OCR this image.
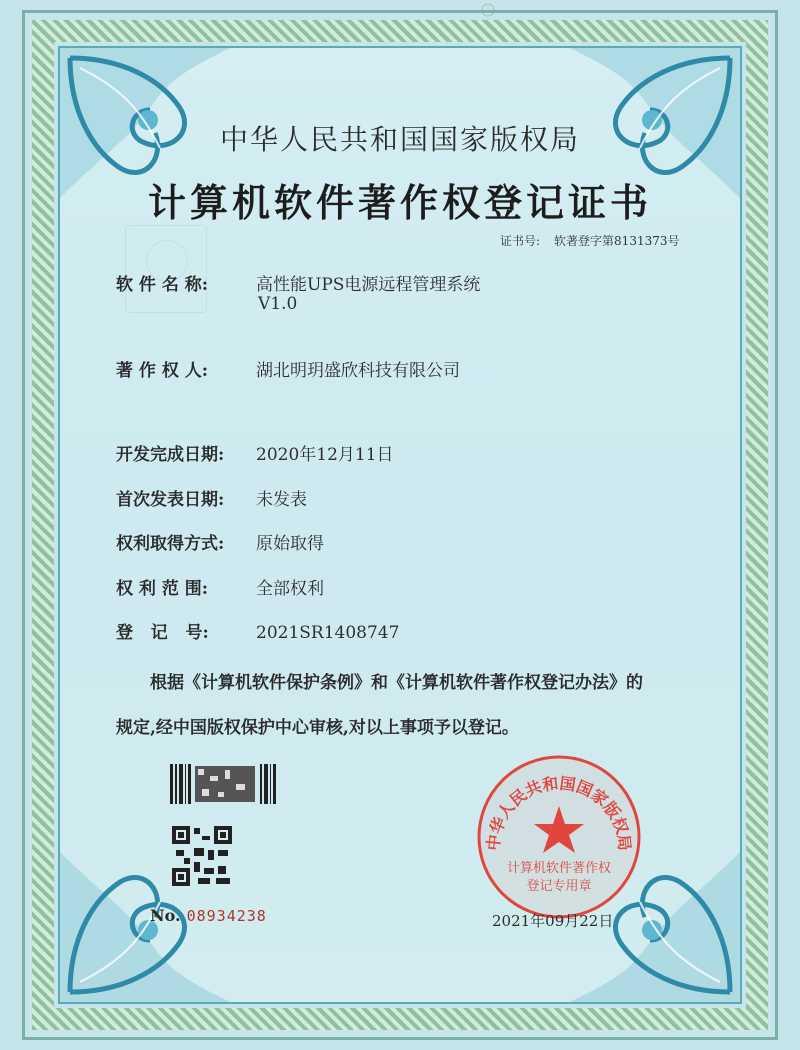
中华人民共和国国家版权局
计算机软件著作权登记证书
证书号: 软著登字第8131373号
软 件 名 称:	高性能UPS电源远程管理系统
V1.0
著 作 权 人:	湖北明玥盛欣科技有限公司
开发完成日期: 2020年12月11日
首次发表日期: 未发表
权利取得方式: 原始取得
权 利 范 围:	全部权利
登   记   号:	2021SR1408747
根据《计算机软件保护条例》和《计算机软件著作权登记办法》的
规定,经中国版权保护中心审核,对以上事项予以登记。
No. 08934238
中华人民共和国国家版权局
计算机软件著作权
登记专用章
2021年09月22日
